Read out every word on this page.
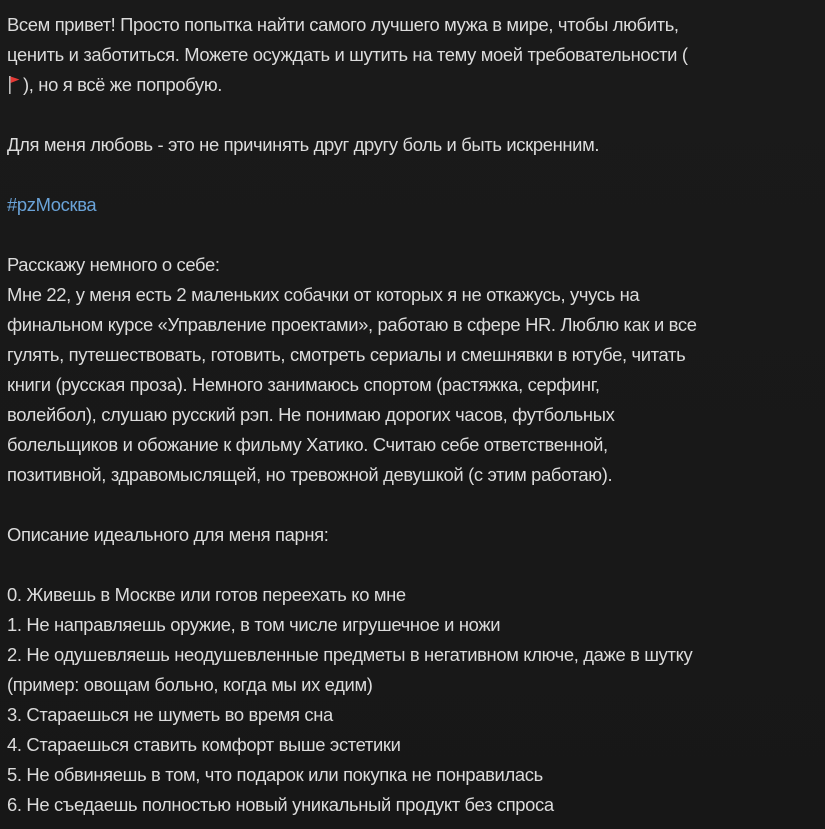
Всем привет! Просто попытка найти самого лучшего мужа в мире, чтобы любить,
ценить и заботиться. Можете осуждать и шутить на тему моей требовательности (
), но я всё же попробую.

Для меня любовь - это не причинять друг другу боль и быть искренним.

#pzМосква

Расскажу немного о себе:

Мне 22, у меня есть 2 маленьких собачки от которых я не откажусь, учусь на
финальном курсе «Управление проектами», работаю в сфере HR. Люблю как и все
гулять, путешествовать, готовить, смотреть сериалы и смешнявки в ютубе, читать
книги (русская проза). Немного занимаюсь спортом (растяжка, серфинг,
волейбол), слушаю русский рэп. Не понимаю дорогих часов, футбольных
болельщиков и обожание к фильму Хатико. Считаю себе ответственной,
позитивной, здравомыслящей, но тревожной девушкой (с этим работаю).

Описание идеального для меня парня:

0. Живешь в Москве или готов переехать ко мне

1. Не направляешь оружие, в том числе игрушечное и ножи

2. Не одушевляешь неодушевленные предметы в негативном ключе, даже в шутку

(пример: овощам больно, когда мы их едим)

3. Стараешься не шуметь во время сна

4. Стараешься ставить комфорт выше эстетики

5. Не обвиняешь в том, что подарок или покупка не понравилась

6. Не съедаешь полностью новый уникальный продукт без спроса
